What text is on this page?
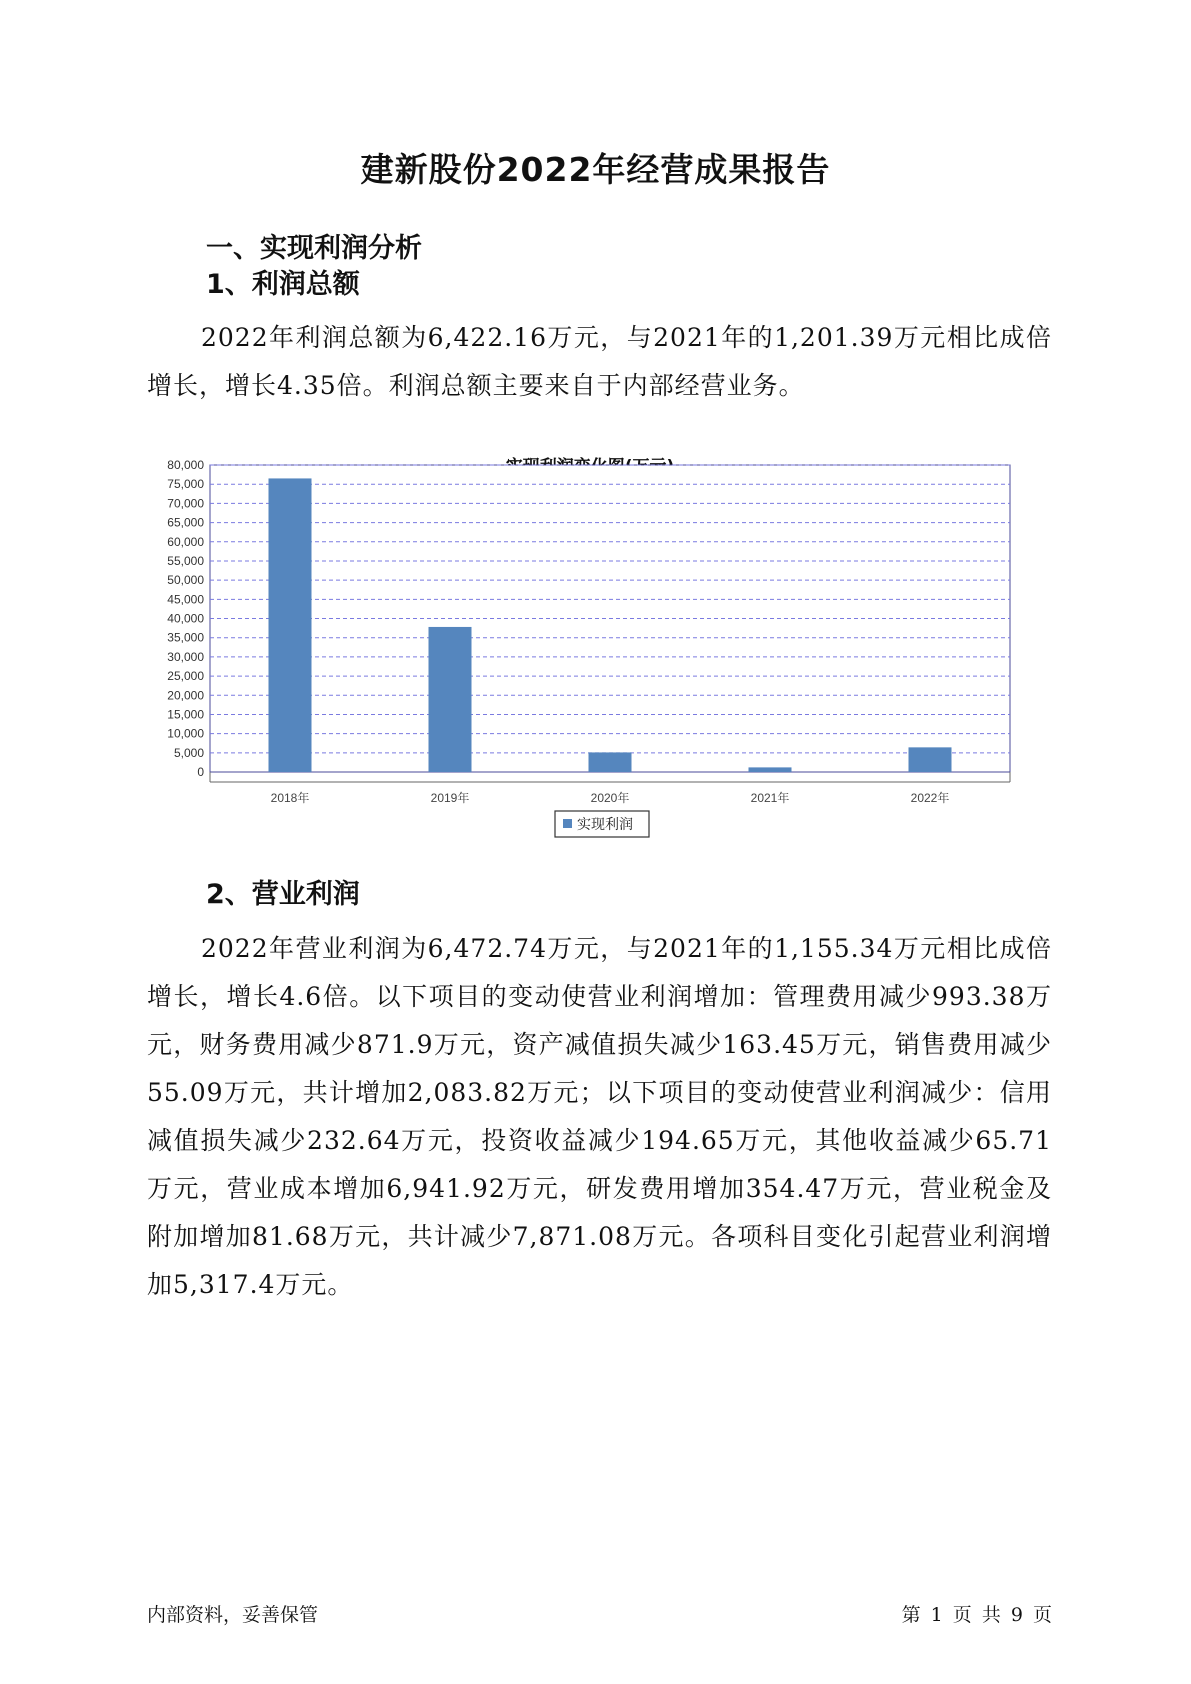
建新股份2022年经营成果报告
一、实现利润分析
1、利润总额

2022年利润总额为6,422.16万元，与2021年的1,201.39万元相比成倍增长，增长4.35倍。利润总额主要来自于内部经营业务。

0
5,000
10,000
15,000
20,000
25,000
30,000
35,000
40,000
45,000
50,000
55,000
60,000
65,000
70,000
75,000
80,000
2018年	2019年	2020年	2021年	2022年
实现利润
2、营业利润

2022年营业利润为6,472.74万元，与2021年的1,155.34万元相比成倍增长，增长4.6倍。以下项目的变动使营业利润增加：管理费用减少993.38万元，财务费用减少871.9万元，资产减值损失减少163.45万元，销售费用减少55.09万元，共计增加2,083.82万元；以下项目的变动使营业利润减少：信用减值损失减少232.64万元，投资收益减少194.65万元，其他收益减少65.71万元，营业成本增加6,941.92万元，研发费用增加354.47万元，营业税金及附加增加81.68万元，共计减少7,871.08万元。各项科目变化引起营业利润增加5,317.4万元。

内部资料，妥善保管	第 1 页 共 9 页
